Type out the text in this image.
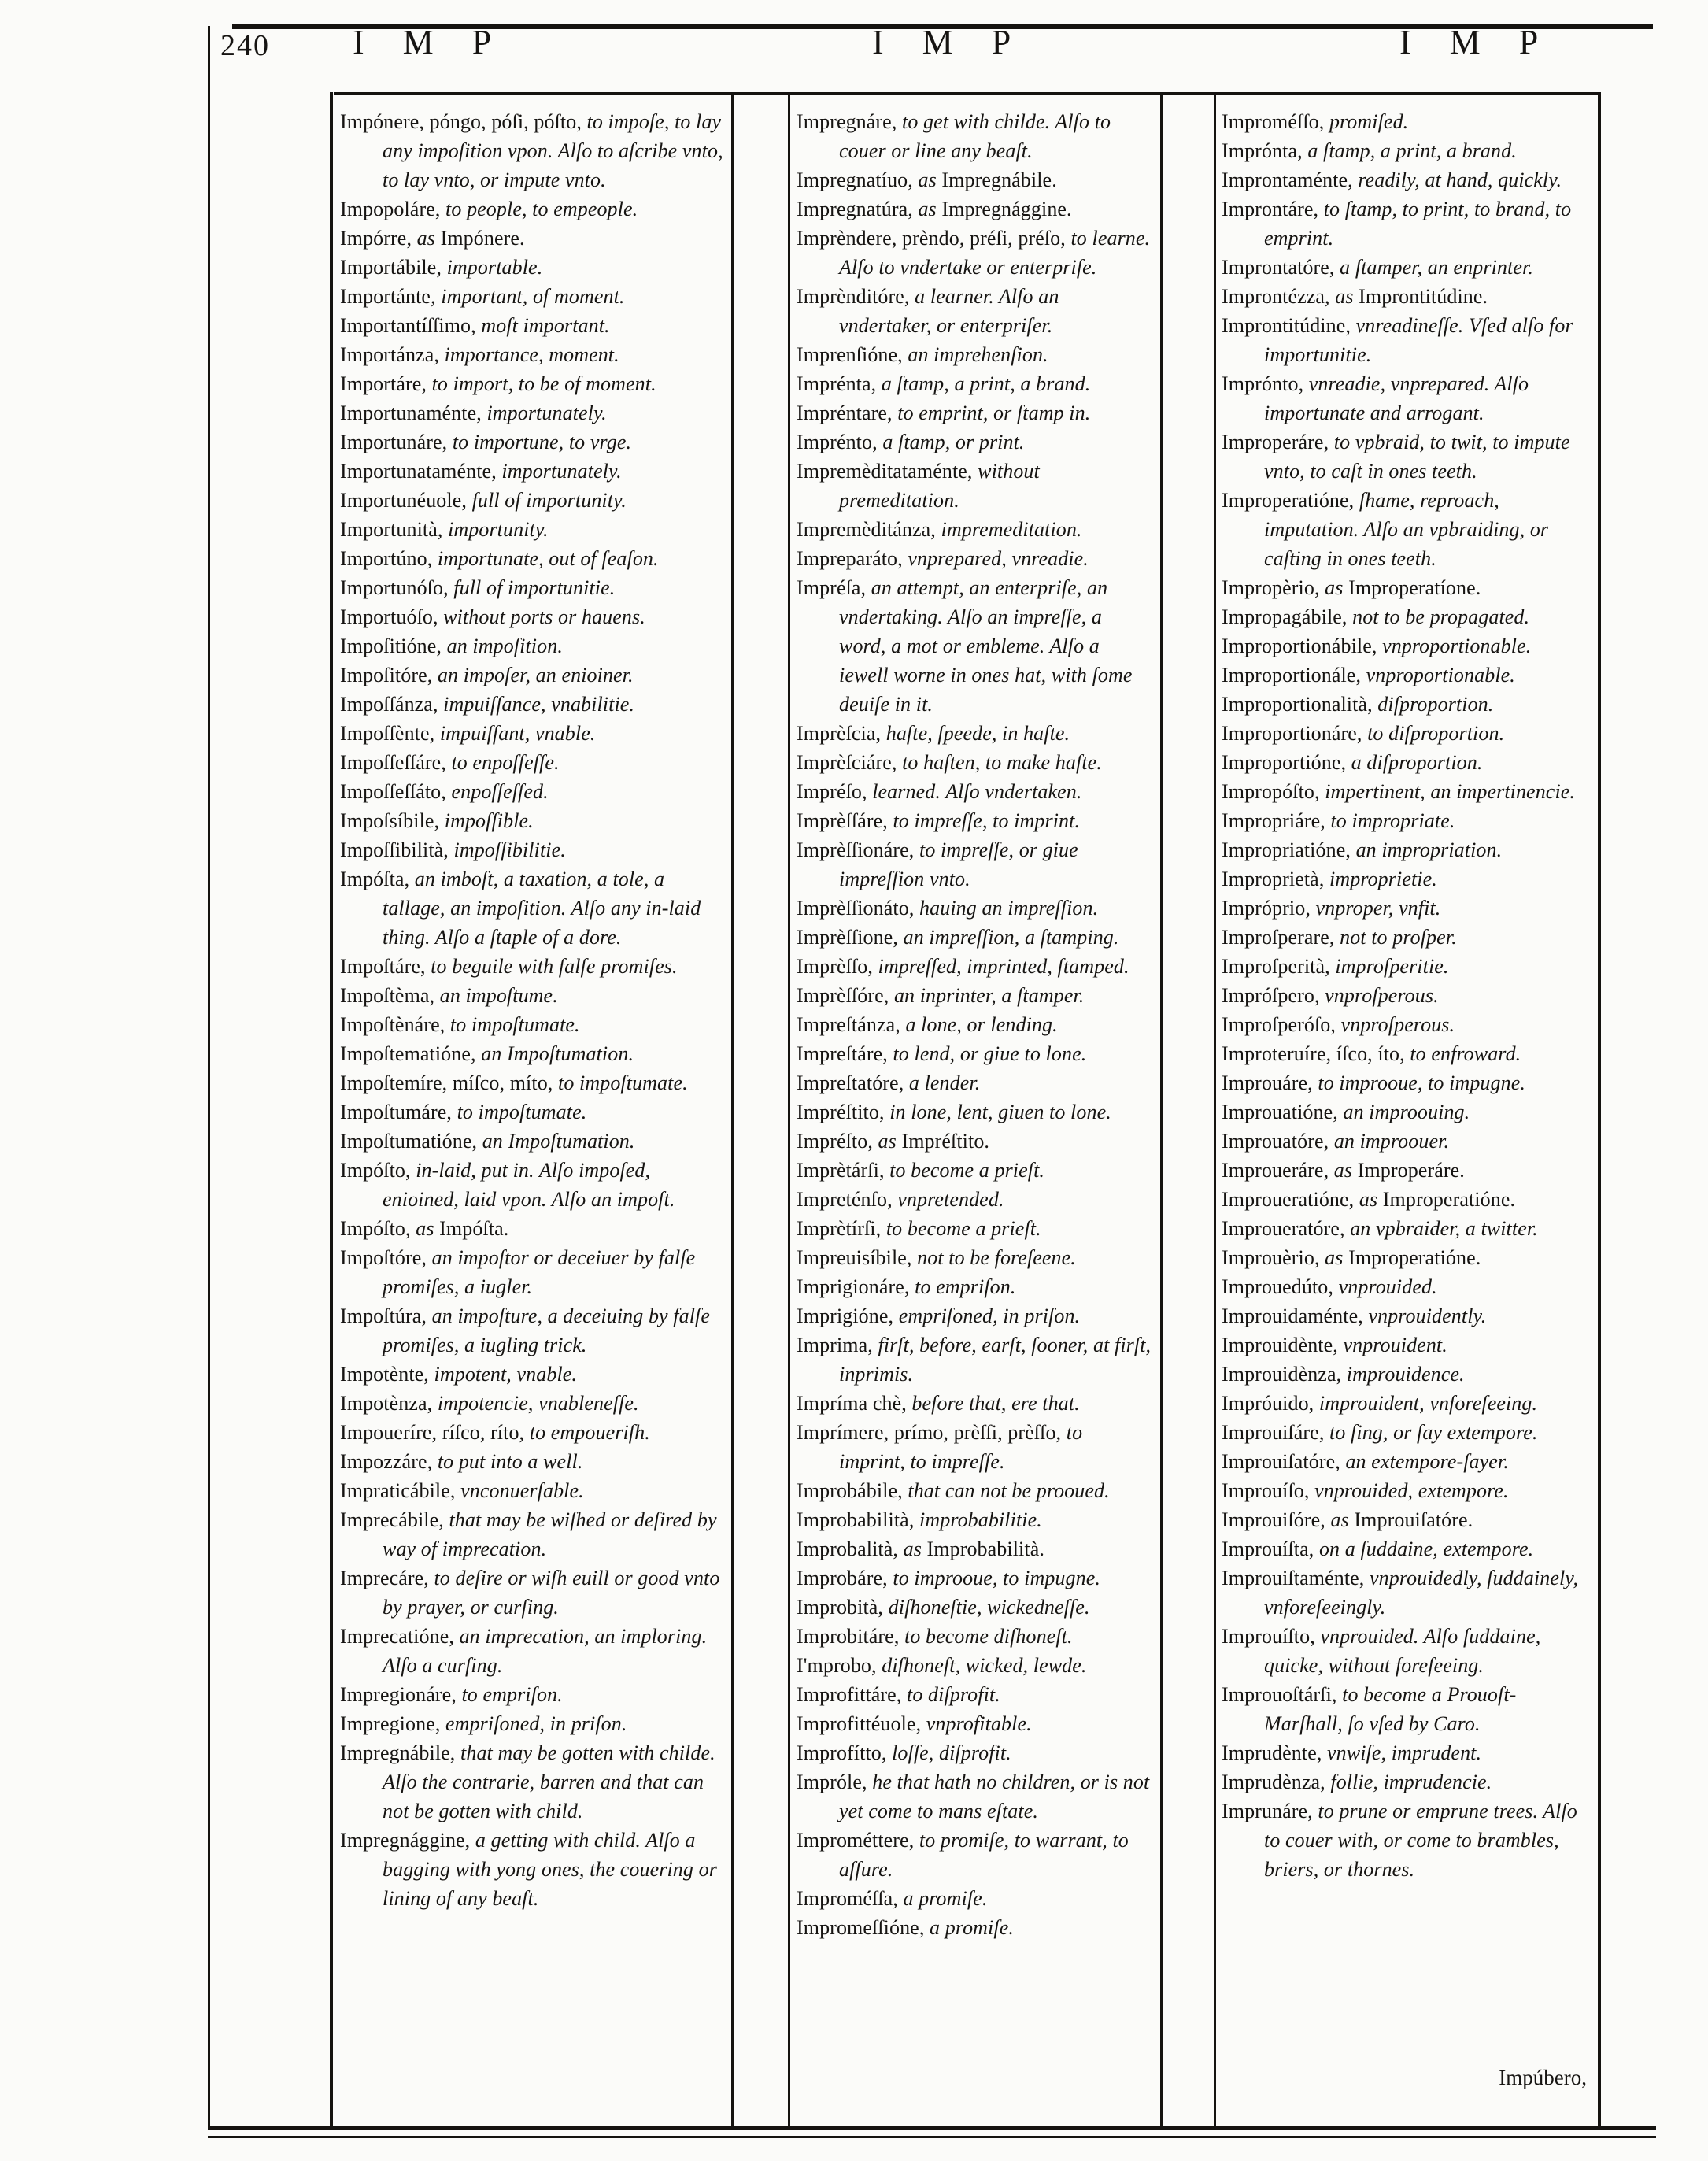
240 I M P	I M P	I M P

Impónere, póngo, póſi, póſto, to impoſe, to lay any impoſition vpon. Alſo to aſcribe vnto, to lay vnto, or impute vnto.

Impopoláre, to people, to empeople.

Impórre, as Impónere.

Importábile, importable.

Importánte, important, of moment.

Importantíſſimo, moſt important.

Importánza, importance, moment.

Importáre, to import, to be of moment.

Importunaménte, importunately.

Importunáre, to importune, to vrge.

Importunataménte, importunately.

Importunéuole, full of importunity.

Importunità, importunity.

Importúno, importunate, out of ſeaſon.

Importunóſo, full of importunitie.

Importuóſo, without ports or hauens.

Impoſitióne, an impoſition.

Impoſitóre, an impoſer, an enioiner.

Impoſſánza, impuiſſance, vnabilitie.

Impoſſènte, impuiſſant, vnable.

Impoſſeſſáre, to enpoſſeſſe.

Impoſſeſſáto, enpoſſeſſed.

Impoſsíbile, impoſſible.

Impoſſibilità, impoſſibilitie.

Impóſta, an imboſt, a taxation, a tole, a tallage, an impoſition. Alſo any in-laid thing. Alſo a ſtaple of a dore.

Impoſtáre, to beguile with falſe promiſes.

Impoſtèma, an impoſtume.

Impoſtènáre, to impoſtumate.

Impoſtematióne, an Impoſtumation.

Impoſtemíre, míſco, míto, to impoſtumate.

Impoſtumáre, to impoſtumate.

Impoſtumatióne, an Impoſtumation.

Impóſto, in-laid, put in. Alſo impoſed, enioined, laid vpon. Alſo an impoſt.

Impóſto, as Impóſta.

Impoſtóre, an impoſtor or deceiuer by falſe promiſes, a iugler.

Impoſtúra, an impoſture, a deceiuing by falſe promiſes, a iugling trick.

Impotènte, impotent, vnable.

Impotènza, impotencie, vnableneſſe.

Impoueríre, ríſco, ríto, to empoueriſh.

Impozzáre, to put into a well.

Impraticábile, vnconuerſable.

Imprecábile, that may be wiſhed or deſired by way of imprecation.

Imprecáre, to deſire or wiſh euill or good vnto by prayer, or curſing.

Imprecatióne, an imprecation, an imploring. Alſo a curſing.

Impregionáre, to empriſon.

Impregione, empriſoned, in priſon.

Impregnábile, that may be gotten with childe. Alſo the contrarie, barren and that can not be gotten with child.

Impregnággine, a getting with child. Alſo a bagging with yong ones, the couering or lining of any beaſt.

Impregnáre, to get with childe. Alſo to couer or line any beaſt.

Impregnatíuo, as Impregnábile.

Impregnatúra, as Impregnággine.

Imprèndere, prèndo, préſi, préſo, to learne. Alſo to vndertake or enterpriſe.

Imprènditóre, a learner. Alſo an vndertaker, or enterpriſer.

Imprenſióne, an imprehenſion.

Imprénta, a ſtamp, a print, a brand.

Impréntare, to emprint, or ſtamp in.

Imprénto, a ſtamp, or print.

Impremèditataménte, without premeditation.

Impremèditánza, impremeditation.

Impreparáto, vnprepared, vnreadie.

Impréſa, an attempt, an enterpriſe, an vndertaking. Alſo an impreſſe, a word, a mot or embleme. Alſo a iewell worne in ones hat, with ſome deuiſe in it.

Imprèſcia, haſte, ſpeede, in haſte.

Imprèſciáre, to haſten, to make haſte.

Impréſo, learned. Alſo vndertaken.

Imprèſſáre, to impreſſe, to imprint.

Imprèſſionáre, to impreſſe, or giue impreſſion vnto.

Imprèſſionáto, hauing an impreſſion.

Imprèſſione, an impreſſion, a ſtamping.

Imprèſſo, impreſſed, imprinted, ſtamped.

Imprèſſóre, an inprinter, a ſtamper.

Impreſtánza, a lone, or lending.

Impreſtáre, to lend, or giue to lone.

Impreſtatóre, a lender.

Impréſtito, in lone, lent, giuen to lone.

Impréſto, as Impréſtito.

Imprètárſi, to become a prieſt.

Impreténſo, vnpretended.

Imprètírſi, to become a prieſt.

Impreuisíbile, not to be foreſeene.

Imprigionáre, to empriſon.

Imprigióne, empriſoned, in priſon.

Imprima, firſt, before, earſt, ſooner, at firſt, inprimis.

Impríma chè, before that, ere that.

Imprímere, prímo, prèſſi, prèſſo, to imprint, to impreſſe.

Improbábile, that can not be prooued.

Improbabilità, improbabilitie.

Improbalità, as Improbabilità.

Improbáre, to improoue, to impugne.

Improbità, diſhoneſtie, wickedneſſe.

Improbitáre, to become diſhoneſt.

I'mprobo, diſhoneſt, wicked, lewde.

Improfittáre, to diſprofit.

Improfittéuole, vnprofitable.

Improfítto, loſſe, diſprofit.

Impróle, he that hath no children, or is not yet come to mans eſtate.

Improméttere, to promiſe, to warrant, to aſſure.

Improméſſa, a promiſe.

Impromeſſióne, a promiſe.

Improméſſo, promiſed.

Imprónta, a ſtamp, a print, a brand.

Improntaménte, readily, at hand, quickly.

Improntáre, to ſtamp, to print, to brand, to emprint.

Improntatóre, a ſtamper, an enprinter.

Improntézza, as Improntitúdine.

Improntitúdine, vnreadineſſe. Vſed alſo for importunitie.

Imprónto, vnreadie, vnprepared. Alſo importunate and arrogant.

Improperáre, to vpbraid, to twit, to impute vnto, to caſt in ones teeth.

Improperatióne, ſhame, reproach, imputation. Alſo an vpbraiding, or caſting in ones teeth.

Impropèrio, as Improperatíone.

Impropagábile, not to be propagated.

Improportionábile, vnproportionable.

Improportionále, vnproportionable.

Improportionalità, diſproportion.

Improportionáre, to diſproportion.

Improportióne, a diſproportion.

Impropóſto, impertinent, an impertinencie.

Impropriáre, to impropriate.

Impropriatióne, an impropriation.

Improprietà, improprietie.

Impróprio, vnproper, vnfit.

Improſperare, not to proſper.

Improſperità, improſperitie.

Impróſpero, vnproſperous.

Improſperóſo, vnproſperous.

Improteruíre, íſco, íto, to enfroward.

Improuáre, to improoue, to impugne.

Improuatióne, an improouing.

Improuatóre, an improouer.

Improueráre, as Improperáre.

Improueratióne, as Improperatióne.

Improueratóre, an vpbraider, a twitter.

Improuèrio, as Improperatióne.

Improuedúto, vnprouided.

Improuidaménte, vnprouidently.

Improuidènte, vnprouident.

Improuidènza, improuidence.

Impróuido, improuident, vnforeſeeing.

Improuiſáre, to ſing, or ſay extempore.

Improuiſatóre, an extempore-ſayer.

Improuíſo, vnprouided, extempore.

Improuiſóre, as Improuiſatóre.

Improuíſta, on a ſuddaine, extempore.

Improuiſtaménte, vnprouidedly, ſuddainely, vnforeſeeingly.

Improuíſto, vnprouided. Alſo ſuddaine, quicke, without foreſeeing.

Improuoſtárſi, to become a Prouoſt-Marſhall, ſo vſed by Caro.

Imprudènte, vnwiſe, imprudent.

Imprudènza, follie, imprudencie.

Imprunáre, to prune or emprune trees. Alſo to couer with, or come to brambles, briers, or thornes.

Impúbero,
